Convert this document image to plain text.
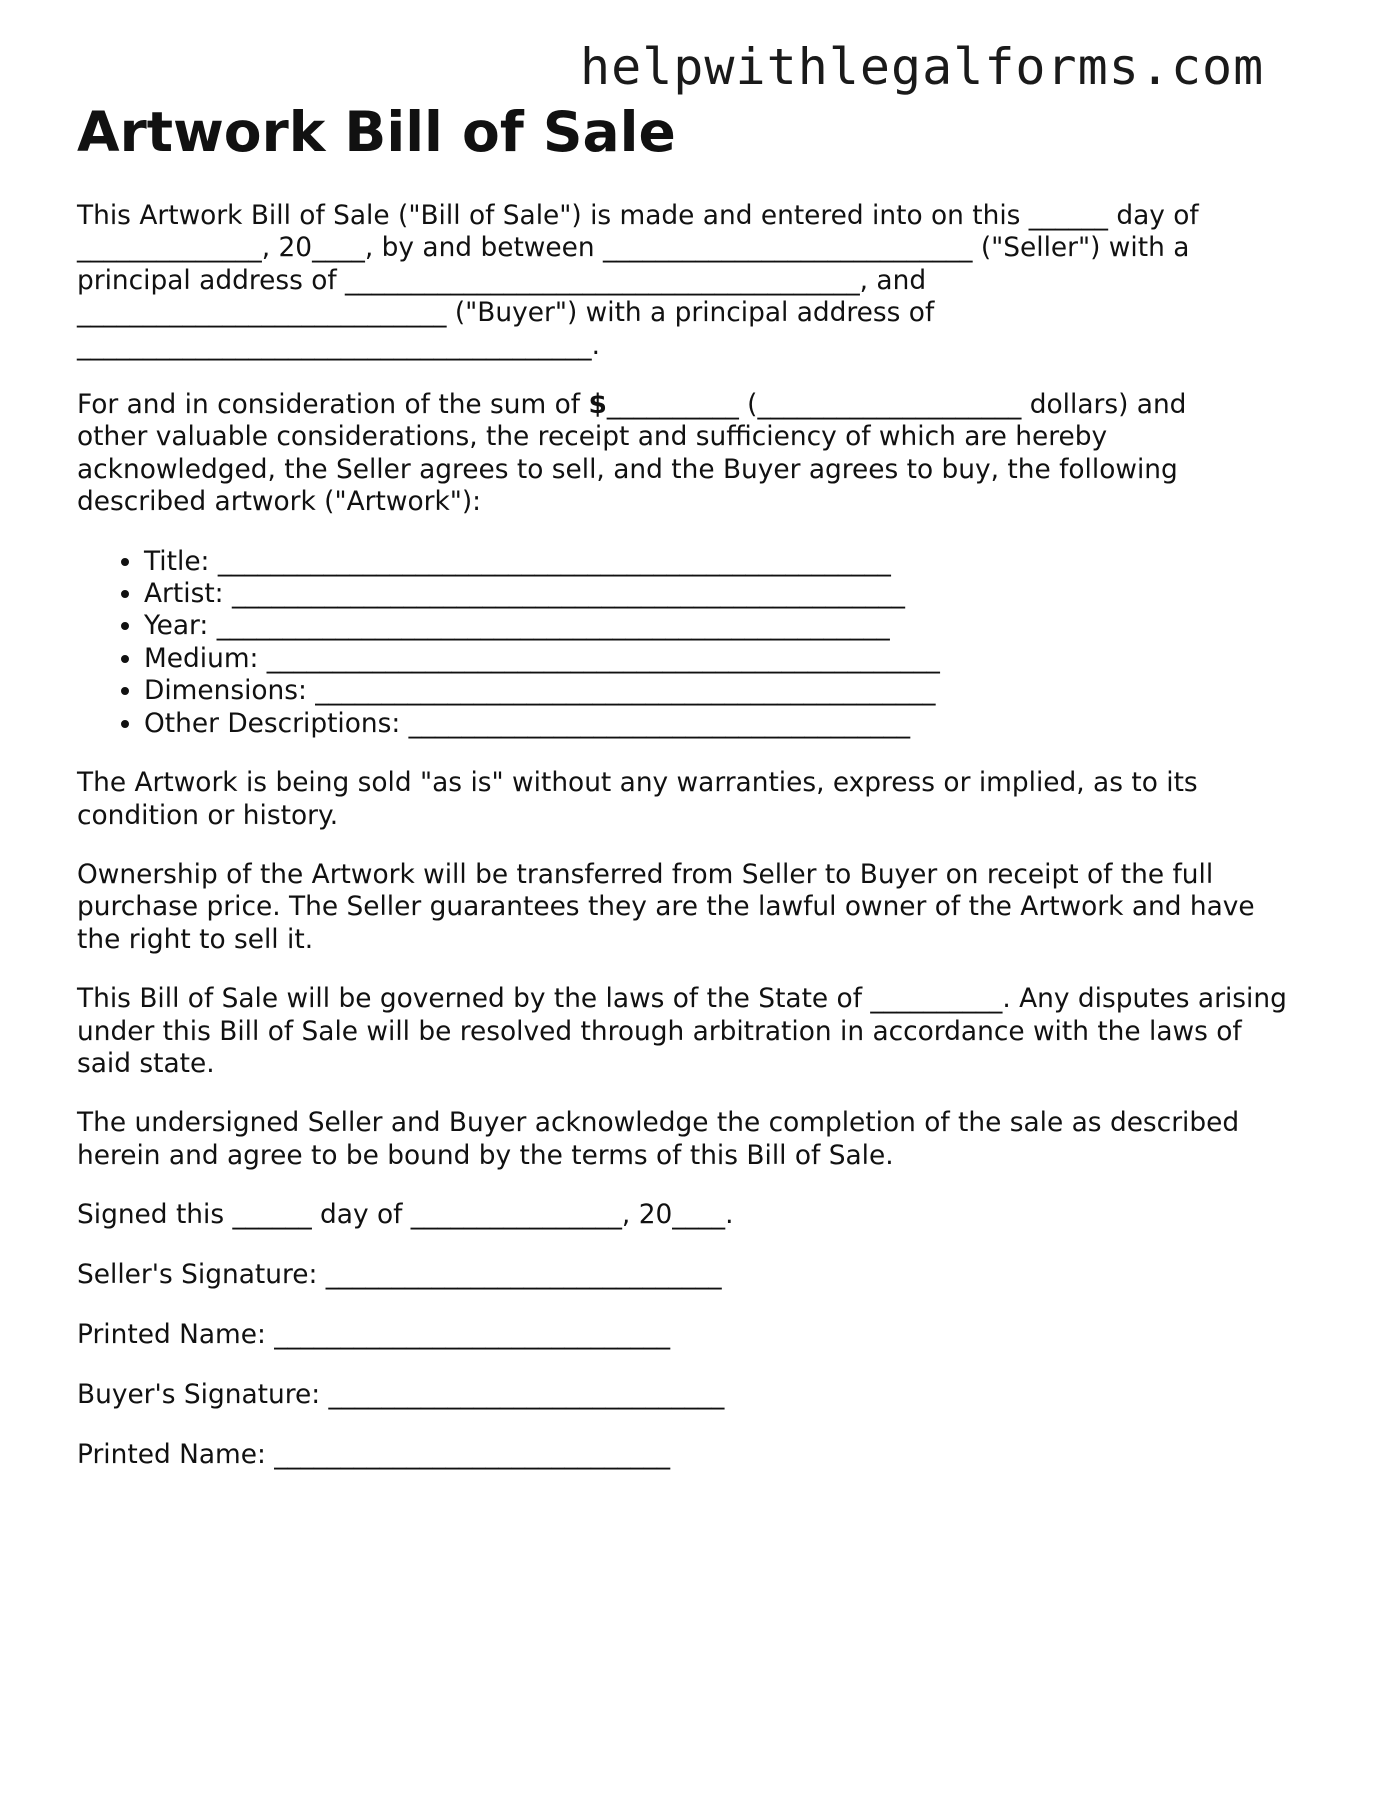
helpwithlegalforms.com
Artwork Bill of Sale

This Artwork Bill of Sale ("Bill of Sale") is made and entered into on this ______ day of
______________, 20____, by and between ____________________________ ("Seller") with a
principal address of _______________________________________, and
____________________________ ("Buyer") with a principal address of
_______________________________________.

For and in consideration of the sum of $__________ (____________________ dollars) and
other valuable considerations, the receipt and sufficiency of which are hereby
acknowledged, the Seller agrees to sell, and the Buyer agrees to buy, the following
described artwork ("Artwork"):

• Title: ___________________________________________________
• Artist: ___________________________________________________
• Year: ___________________________________________________
• Medium: ___________________________________________________
• Dimensions: _______________________________________________
• Other Descriptions: ______________________________________

The Artwork is being sold "as is" without any warranties, express or implied, as to its
condition or history.

Ownership of the Artwork will be transferred from Seller to Buyer on receipt of the full
purchase price. The Seller guarantees they are the lawful owner of the Artwork and have
the right to sell it.

This Bill of Sale will be governed by the laws of the State of __________. Any disputes arising
under this Bill of Sale will be resolved through arbitration in accordance with the laws of
said state.

The undersigned Seller and Buyer acknowledge the completion of the sale as described
herein and agree to be bound by the terms of this Bill of Sale.

Signed this ______ day of ________________, 20____.

Seller's Signature: ______________________________

Printed Name: ______________________________

Buyer's Signature: ______________________________

Printed Name: ______________________________
